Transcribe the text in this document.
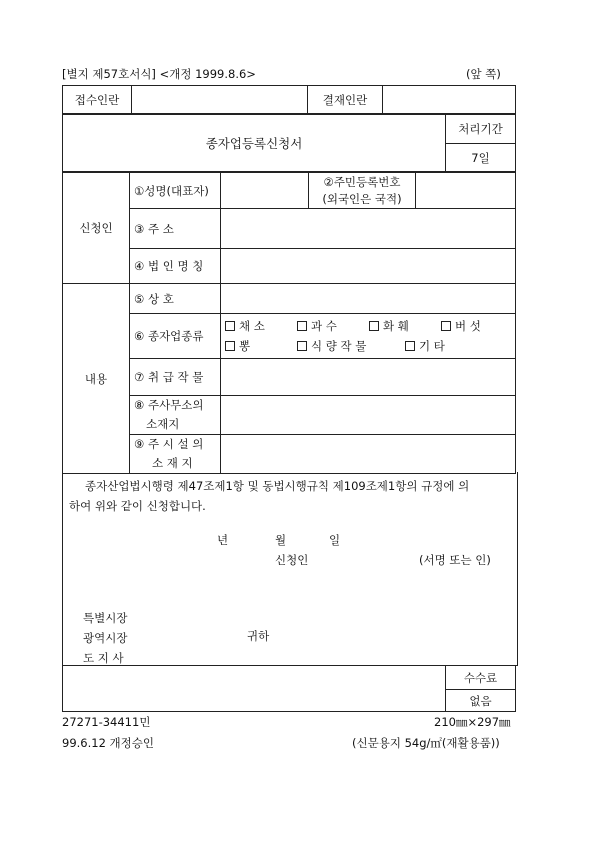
[별지 제57호서식] <개정 1999.8.6>	(앞 쪽)
접수인란		결재인란	
종자업등록신청서	처리기간
7일
신청인	①성명(대표자)		②주민등록번호
(외국인은 국적)	

	③ 주 소			
	④ 법 인 명 칭			
내용	⑤ 상 호	
	⑥ 종자업종류	채 소 과 수 화 훼 버 섯
뽕 식 량 작 물 기 타

	⑦ 취 급 작 물	

	⑧ 주사무소의
소재지	

	⑨ 주 시 설 의
소 재 지	

종자산업법시행령 제47조제1항 및 동법시행규칙 제109조제1항의 규정에 의
하여 위와 같이 신청합니다.
년	월	일
신청인	(서명 또는 인)
특별시장
광역시장
도 지 사
귀하
	수수료
없음
27271-34411민	210㎜×297㎜
99.6.12 개정승인	(신문용지 54g/㎡(재활용품))
